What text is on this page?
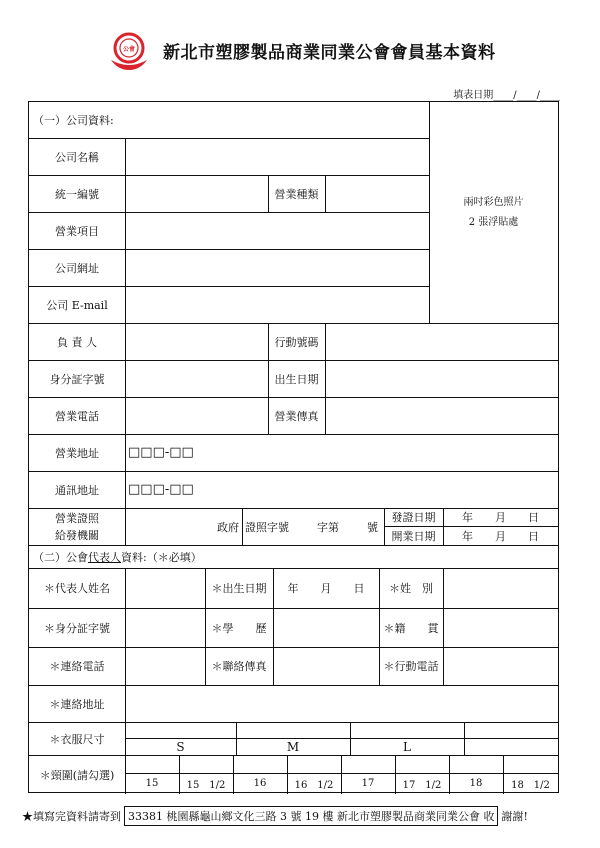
公會 新北市塑膠製品商業同業公會會員基本資料
填表日期____/____/____
（一）公司資料:
兩吋彩色照片
2 張浮貼處
公司名稱
統一編號	營業種類
營業項目
公司網址
公司 E-mail
負 責 人	行動號碼
身分証字號	出生日期
營業電話	營業傳真
營業地址	□□□-□□
通訊地址	□□□-□□
營業證照
給發機關
政府 證照字號	字第	號
發證日期	年　　月　　日
開業日期	年　　月　　日
（二）公會 代表人 資料:（＊必填）
＊代表人姓名	＊出生日期	年　　月　　日	＊姓　別
＊身分証字號	＊學　　歷	＊籍　　貫
＊連絡電話	＊聯絡傳真	＊行動電話
＊連絡地址
＊衣服尺寸
S	M	L
＊頸圍(請勾選)
15	15　1/2	16	16　1/2	17	17　1/2	18	18　1/2
★填寫完資料請寄到 33381 桃園縣龜山鄉文化三路 3 號 19 樓 新北市塑膠製品商業同業公會 收 謝謝!
